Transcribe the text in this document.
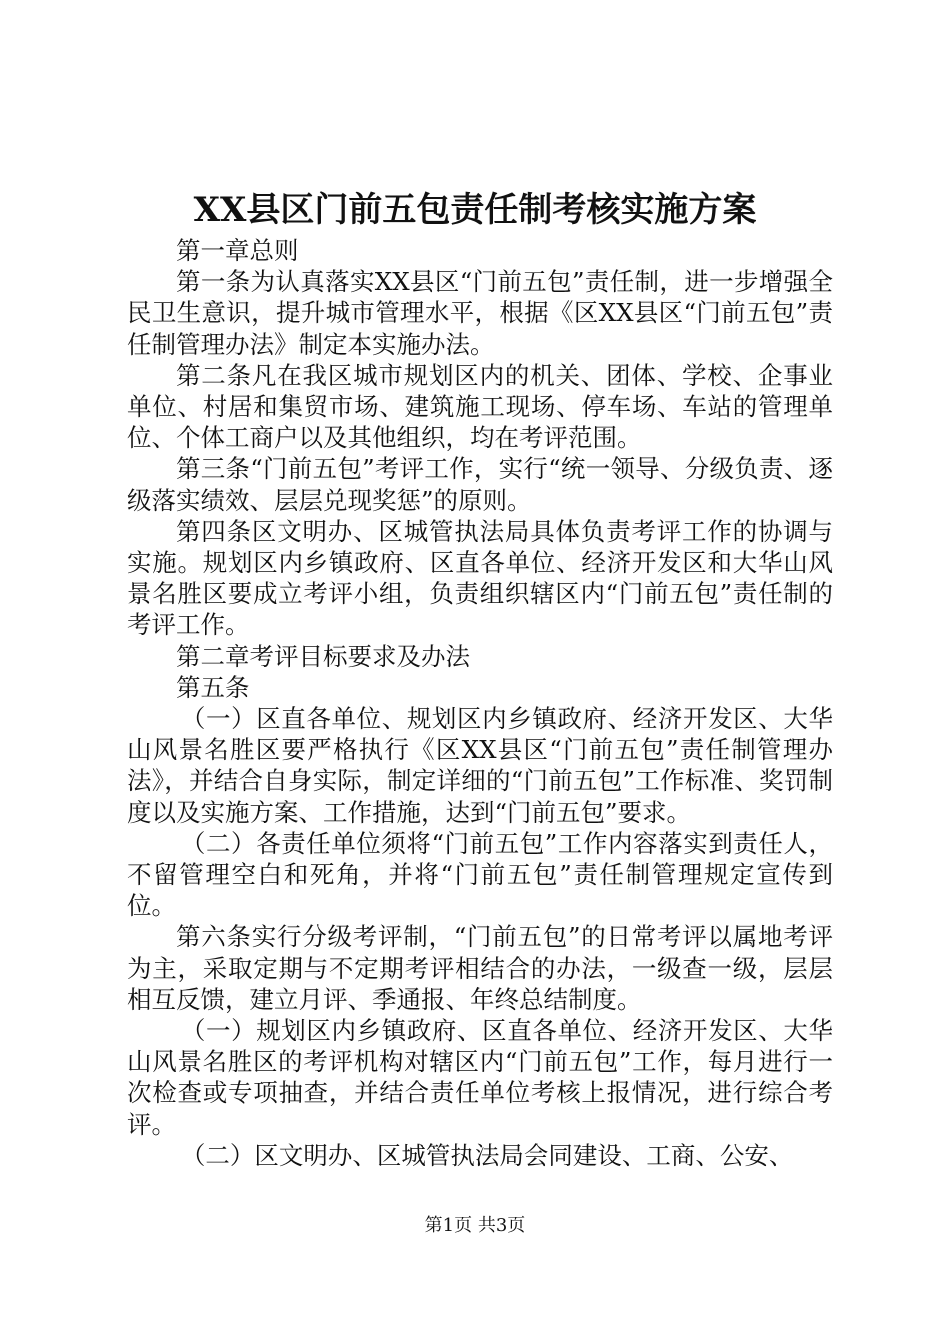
XX县区门前五包责任制考核实施方案

第一章总则

第一条为认真落实XX县区“门前五包”责任制，进一步增强全民卫生意识，提升城市管理水平，根据《区XX县区“门前五包”责任制管理办法》制定本实施办法。

第二条凡在我区城市规划区内的机关、团体、学校、企事业单位、村居和集贸市场、建筑施工现场、停车场、车站的管理单位、个体工商户以及其他组织，均在考评范围。

第三条“门前五包”考评工作，实行“统一领导、分级负责、逐级落实绩效、层层兑现奖惩”的原则。

第四条区文明办、区城管执法局具体负责考评工作的协调与实施。规划区内乡镇政府、区直各单位、经济开发区和大华山风景名胜区要成立考评小组，负责组织辖区内“门前五包”责任制的考评工作。

第二章考评目标要求及办法

第五条

（一）区直各单位、规划区内乡镇政府、经济开发区、大华山风景名胜区要严格执行《区XX县区“门前五包”责任制管理办法》，并结合自身实际，制定详细的“门前五包”工作标准、奖罚制度以及实施方案、工作措施，达到“门前五包”要求。

（二）各责任单位须将“门前五包”工作内容落实到责任人，不留管理空白和死角，并将“门前五包”责任制管理规定宣传到位。

第六条实行分级考评制，“门前五包”的日常考评以属地考评为主，采取定期与不定期考评相结合的办法，一级查一级，层层相互反馈，建立月评、季通报、年终总结制度。

（一）规划区内乡镇政府、区直各单位、经济开发区、大华山风景名胜区的考评机构对辖区内“门前五包”工作，每月进行一次检查或专项抽查，并结合责任单位考核上报情况，进行综合考评。

（二）区文明办、区城管执法局会同建设、工商、公安、

第1页 共3页
